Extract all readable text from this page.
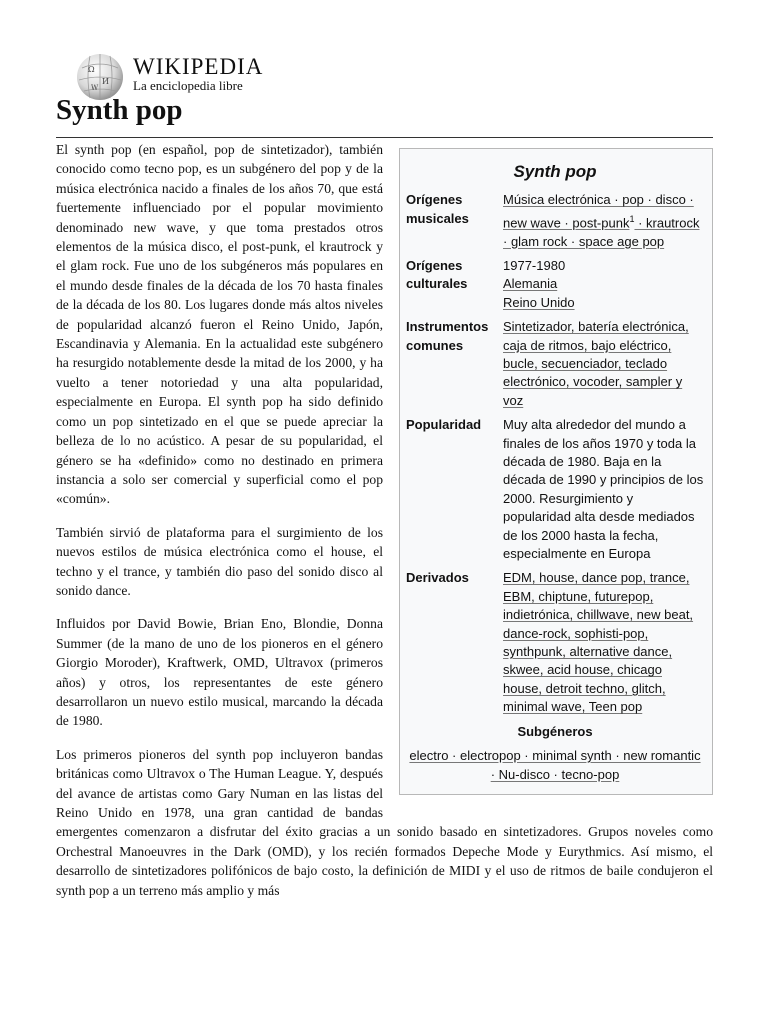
Ω
И
W
WIKIPEDIA
La enciclopedia libre
Synth pop
Synth pop
Orígenes musicales
Música electrónica · pop · disco · new wave · post-punk$^1$ · krautrock · glam rock · space age pop
Orígenes culturales
1977-1980
Alemania
Reino Unido
Instrumentos comunes
Sintetizador, batería electrónica, caja de ritmos, bajo eléctrico, bucle, secuenciador, teclado electrónico, vocoder, sampler y voz
Popularidad	Muy alta alrededor del mundo a finales de los años 1970 y toda la década de 1980. Baja en la década de 1990 y principios de los 2000. Resurgimiento y popularidad alta desde mediados de los 2000 hasta la fecha, especialmente en Europa
Derivados	EDM, house, dance pop, trance, EBM, chiptune, futurepop, indietrónica, chillwave, new beat, dance-rock, sophisti-pop, synthpunk, alternative dance, skwee, acid house, chicago house, detroit techno, glitch, minimal wave, Teen pop
Subgéneros
electro · electropop · minimal synth · new romantic · Nu-disco · tecno-pop

El synth pop (en español, pop de sintetizador), también conocido como tecno pop, es un subgénero del pop y de la música electrónica nacido a finales de los años 70, que está fuertemente influenciado por el popular movimiento denominado new wave, y que toma prestados otros elementos de la música disco, el post-punk, el krautrock y el glam rock. Fue uno de los subgéneros más populares en el mundo desde finales de la década de los 70 hasta finales de la década de los 80. Los lugares donde más altos niveles de popularidad alcanzó fueron el Reino Unido, Japón, Escandinavia y Alemania. En la actualidad este subgénero ha resurgido notablemente desde la mitad de los 2000, y ha vuelto a tener notoriedad y una alta popularidad, especialmente en Europa. El synth pop ha sido definido como un pop sintetizado en el que se puede apreciar la belleza de lo no acústico. A pesar de su popularidad, el género se ha «definido» como no destinado en primera instancia a solo ser comercial y superficial como el pop «común».

También sirvió de plataforma para el surgimiento de los nuevos estilos de música electrónica como el house, el techno y el trance, y también dio paso del sonido disco al sonido dance.

Influidos por David Bowie, Brian Eno, Blondie, Donna Summer (de la mano de uno de los pioneros en el género Giorgio Moroder), Kraftwerk, OMD, Ultravox (primeros años) y otros, los representantes de este género desarrollaron un nuevo estilo musical, marcando la década de 1980.

Los primeros pioneros del synth pop incluyeron bandas británicas como Ultravox o The Human League. Y, después del avance de artistas como Gary Numan en las listas del Reino Unido en 1978, una gran cantidad de bandas emergentes comenzaron a disfrutar del éxito gracias a un sonido basado en sintetizadores. Grupos noveles como Orchestral Manoeuvres in the Dark (OMD), y los recién formados Depeche Mode y Eurythmics. Así mismo, el desarrollo de sintetizadores polifónicos de bajo costo, la definición de MIDI y el uso de ritmos de baile condujeron el synth pop a un terreno más amplio y más
